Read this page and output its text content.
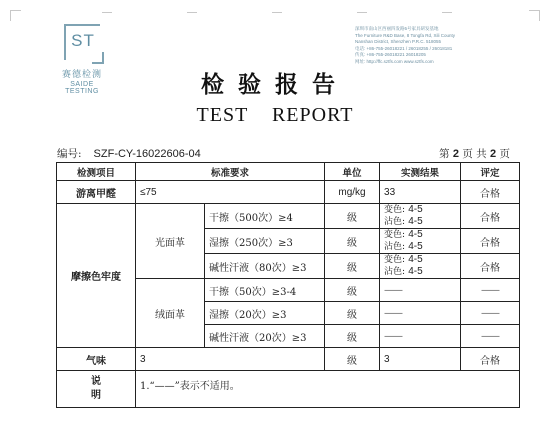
ST
赛德检测
SAIDE TESTING
深圳市南山区西丽四发路5号家具研发基地
The Furniture R&D Base, 8 Tongfa Rd, Xili County
Nanshan District, Shenzhen P.R.C. 518055
电话: +86-755-26018221 / 26018255 / 26018181
传真: +86-755-26018221 26018205
网址: http://ffc.sztfs.com www.sztfs.com
检验报告
TEST REPORT
编号: SZF-CY-16022606-04	第 2 页 共 2 页
检测项目	标准要求		单位	实测结果	评定
游离甲醛	≤75		mg/kg	33	合格
摩擦色牢度	光面革	干擦（500次）≥4	级	变色: 4-5
沾色: 4-5	合格
		湿擦（250次）≥3	级	变色: 4-5
沾色: 4-5	合格
		碱性汗液（80次）≥3	级	变色: 4-5
沾色: 4-5	合格
	绒面革	干擦（50次）≥3-4	级	——	——
		湿擦（20次）≥3	级	——	——
		碱性汗液（20次）≥3	级	——	——
气味	3		级	3	合格

说
明	1.“——”表示不适用。				
